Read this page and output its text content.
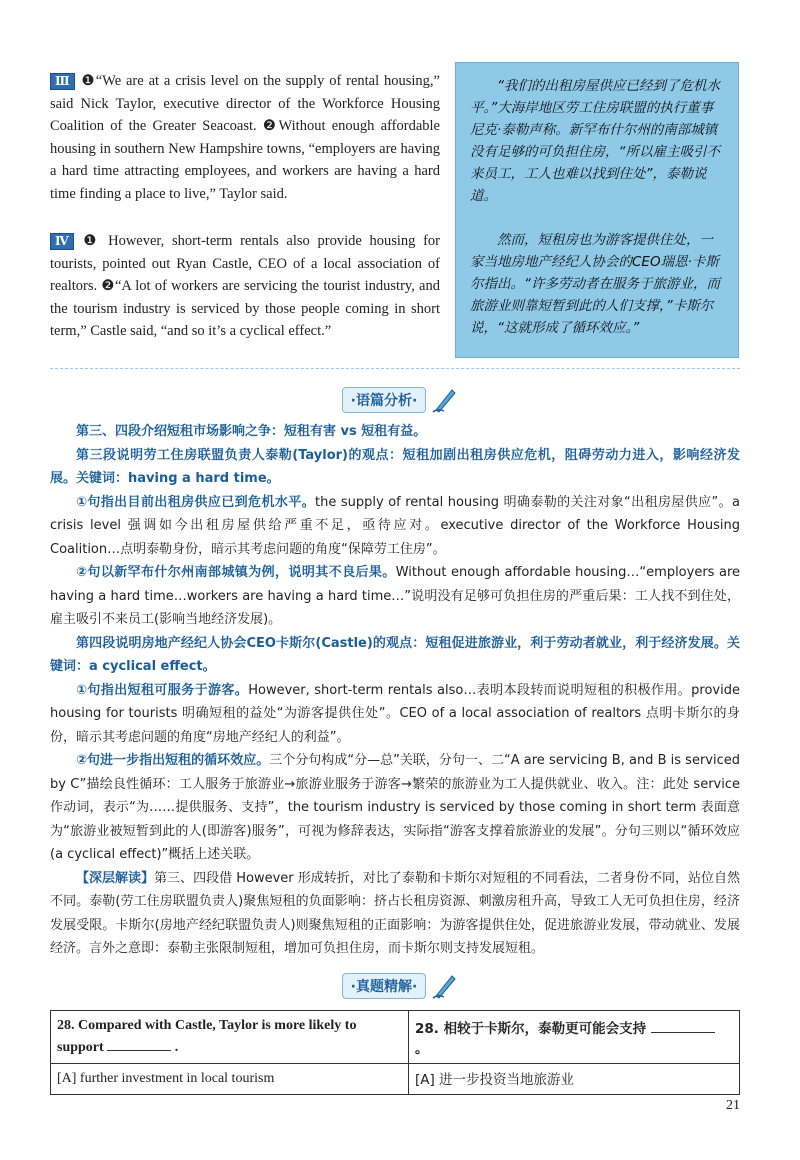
Ⅲ ❶“We are at a crisis level on the supply of rental housing,” said Nick Taylor, executive director of the Workforce Housing Coalition of the Greater Seacoast. ❷Without enough affordable housing in southern New Hampshire towns, “employers are having a hard time attracting employees, and workers are having a hard time finding a place to live,” Taylor said.
Ⅳ ❶ However, short-term rentals also provide housing for tourists, pointed out Ryan Castle, CEO of a local association of realtors. ❷“A lot of workers are servicing the tourist industry, and the tourism industry is serviced by those people coming in short term,” Castle said, “and so it’s a cyclical effect.”

“我们的出租房屋供应已经到了危机水平。”大海岸地区劳工住房联盟的执行董事尼克·泰勒声称。新罕布什尔州的南部城镇没有足够的可负担住房，“所以雇主吸引不来员工，工人也难以找到住处”，泰勒说道。

然而，短租房也为游客提供住处，一家当地房地产经纪人协会的CEO瑞恩·卡斯尔指出。“许多劳动者在服务于旅游业，而旅游业则靠短暂到此的人们支撑，”卡斯尔说，“这就形成了循环效应。”

·语篇分析·

第三、四段介绍短租市场影响之争：短租有害 vs 短租有益。

第三段说明劳工住房联盟负责人泰勒(Taylor)的观点：短租加剧出租房供应危机，阻碍劳动力进入，影响经济发展。关键词：having a hard time。

①句指出目前出租房供应已到危机水平。the supply of rental housing 明确泰勒的关注对象“出租房屋供应”。a crisis level 强调如今出租房屋供给严重不足，亟待应对。executive director of the Workforce Housing Coalition…点明泰勒身份，暗示其考虑问题的角度“保障劳工住房”。

②句以新罕布什尔州南部城镇为例，说明其不良后果。Without enough affordable housing…“employers are having a hard time…workers are having a hard time…”说明没有足够可负担住房的严重后果：工人找不到住处，雇主吸引不来员工(影响当地经济发展)。

第四段说明房地产经纪人协会CEO卡斯尔(Castle)的观点：短租促进旅游业，利于劳动者就业，利于经济发展。关键词：a cyclical effect。

①句指出短租可服务于游客。However, short-term rentals also…表明本段转而说明短租的积极作用。provide housing for tourists 明确短租的益处“为游客提供住处”。CEO of a local association of realtors 点明卡斯尔的身份，暗示其考虑问题的角度“房地产经纪人的利益”。

②句进一步指出短租的循环效应。三个分句构成“分—总”关联，分句一、二“A are servicing B, and B is serviced by C”描绘良性循环：工人服务于旅游业→旅游业服务于游客→繁荣的旅游业为工人提供就业、收入。注：此处 service 作动词，表示“为……提供服务、支持”，the tourism industry is serviced by those coming in short term 表面意为“旅游业被短暂到此的人(即游客)服务”，可视为修辞表达，实际指“游客支撑着旅游业的发展”。分句三则以“循环效应(a cyclical effect)”概括上述关联。

【深层解读】第三、四段借 However 形成转折，对比了泰勒和卡斯尔对短租的不同看法，二者身份不同，站位自然不同。泰勒(劳工住房联盟负责人)聚焦短租的负面影响：挤占长租房资源、刺激房租升高，导致工人无可负担住房，经济发展受限。卡斯尔(房地产经纪联盟负责人)则聚焦短租的正面影响：为游客提供住处，促进旅游业发展，带动就业、发展经济。言外之意即：泰勒主张限制短租，增加可负担住房，而卡斯尔则支持发展短租。

·真题精解·
28. Compared with Castle, Taylor is more likely to support .	28. 相较于卡斯尔，泰勒更可能会支持  。
[A] further investment in local tourism	[A] 进一步投资当地旅游业
21
